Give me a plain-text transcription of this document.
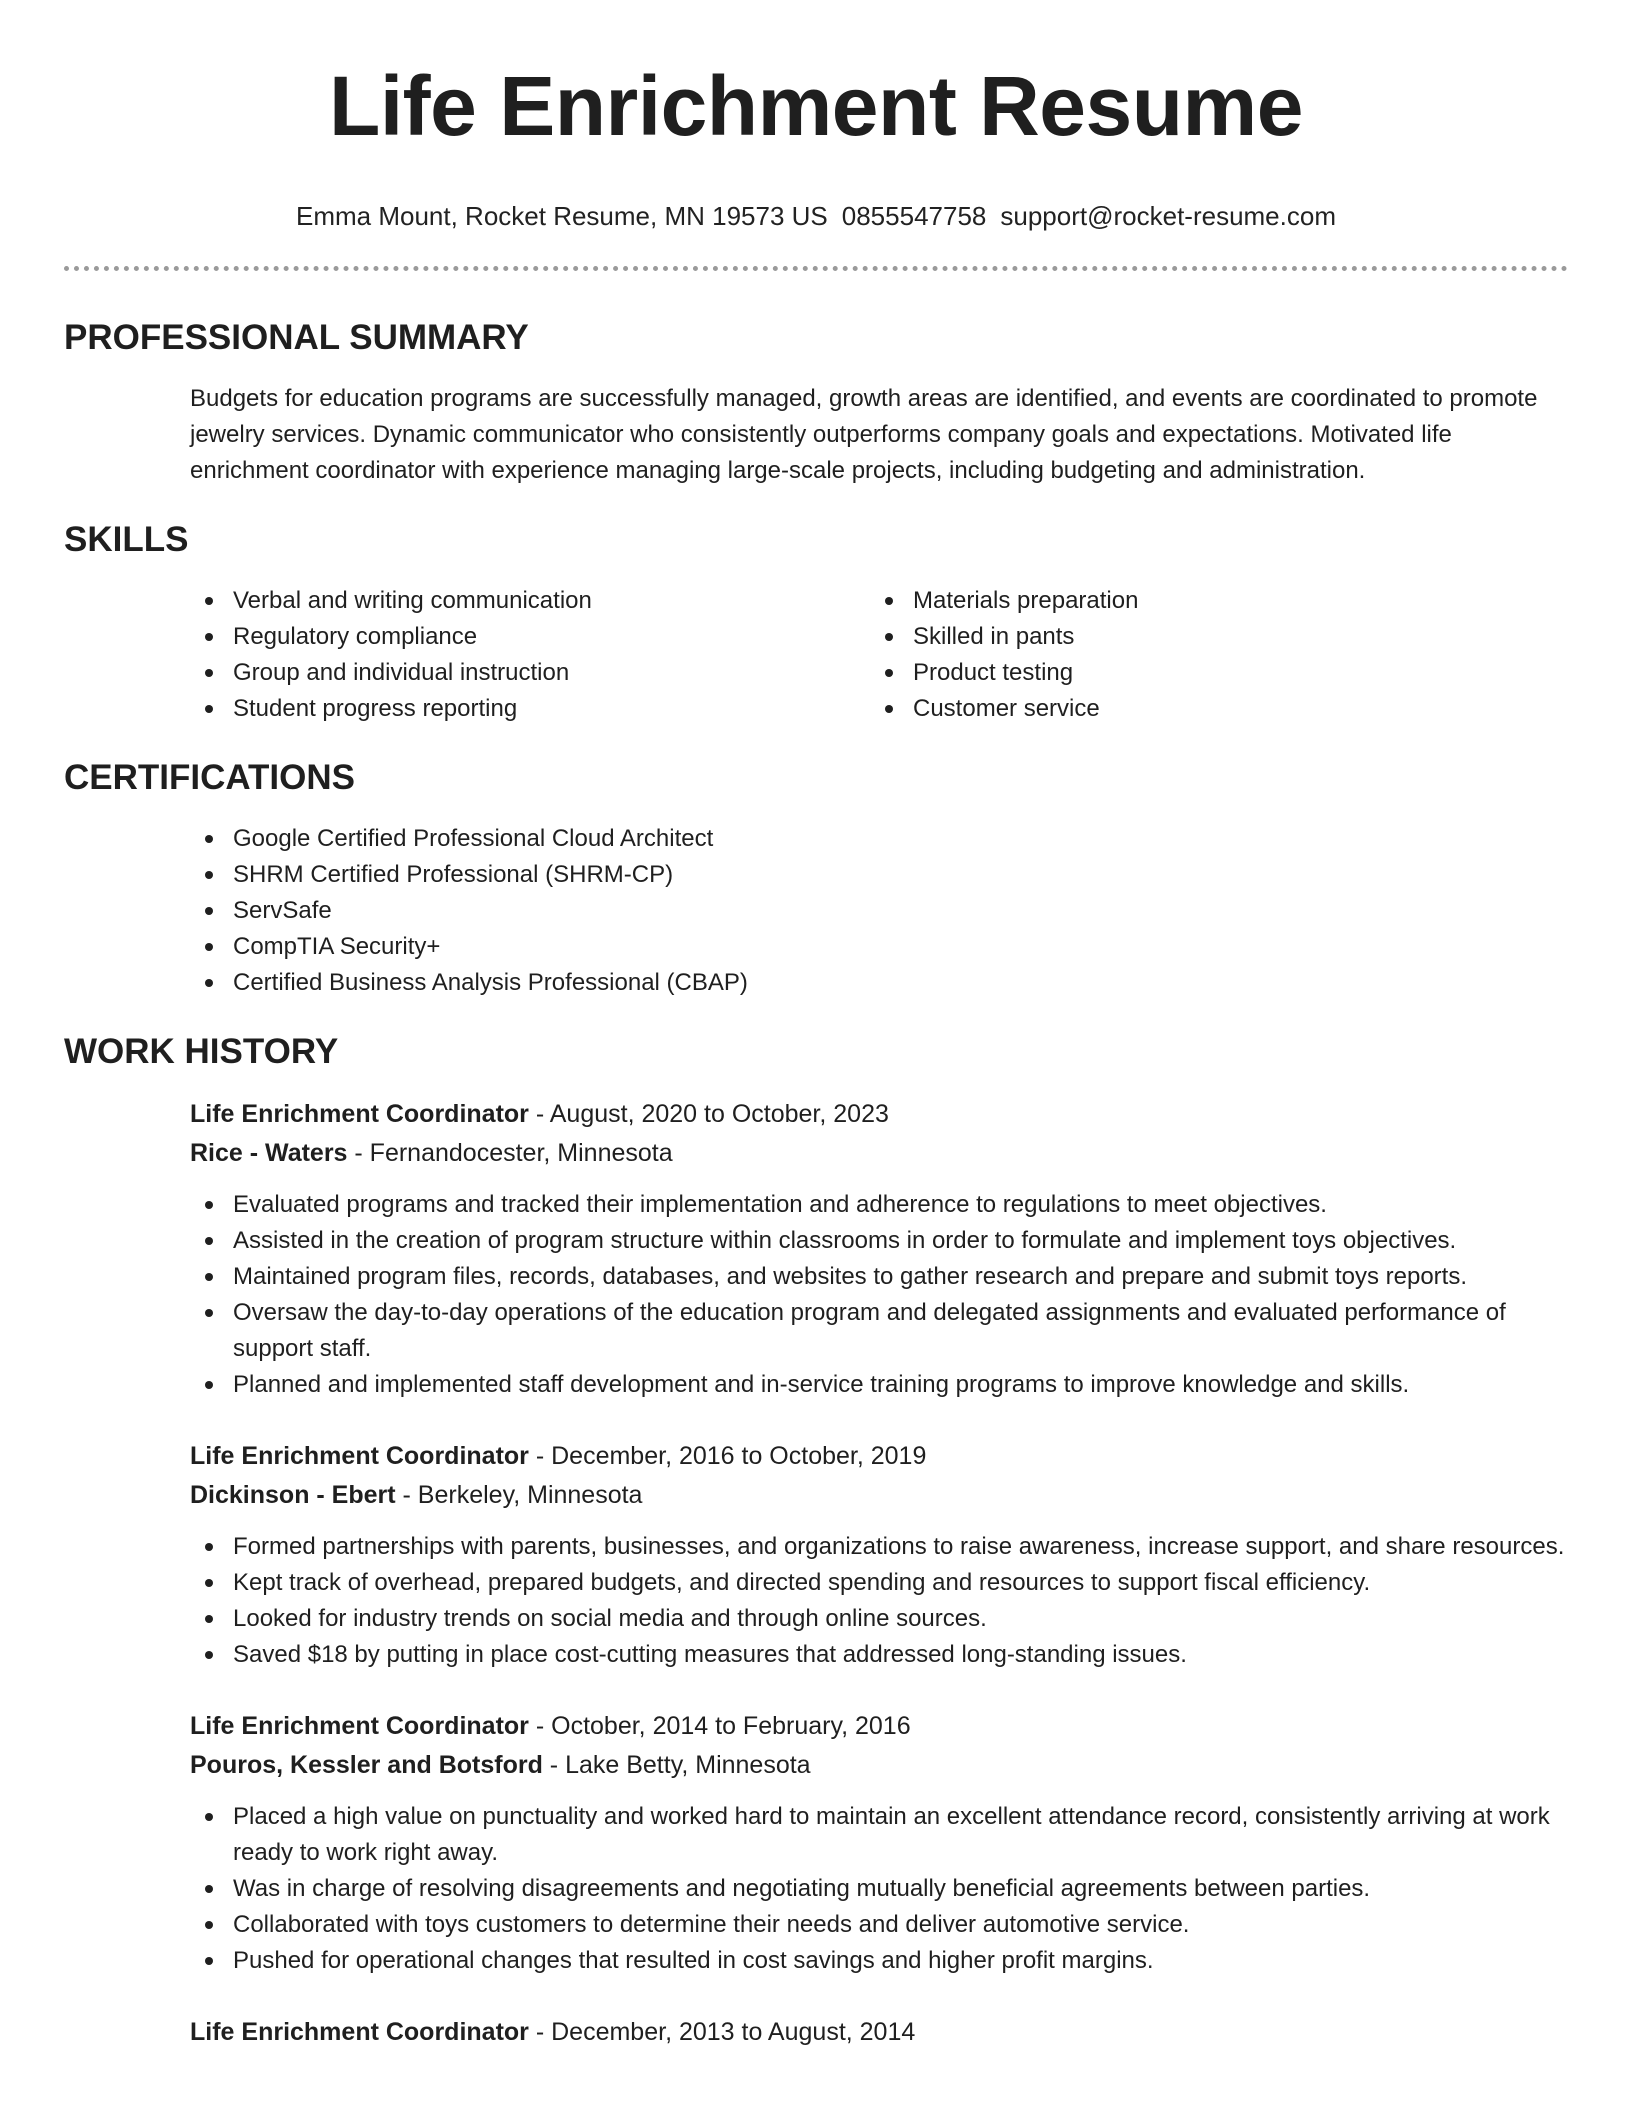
Life Enrichment Resume
Emma Mount, Rocket Resume, MN 19573 US 0855547758 support@rocket-resume.com
PROFESSIONAL SUMMARY

Budgets for education programs are successfully managed, growth areas are identified, and events are coordinated to promote jewelry services. Dynamic communicator who consistently outperforms company goals and expectations. Motivated life enrichment coordinator with experience managing large-scale projects, including budgeting and administration.

SKILLS
Verbal and writing communication
Regulatory compliance
Group and individual instruction
Student progress reporting
Materials preparation
Skilled in pants
Product testing
Customer service
CERTIFICATIONS
Google Certified Professional Cloud Architect
SHRM Certified Professional (SHRM-CP)
ServSafe
CompTIA Security+
Certified Business Analysis Professional (CBAP)
WORK HISTORY
Life Enrichment Coordinator - August, 2020 to October, 2023
Rice - Waters - Fernandocester, Minnesota
Evaluated programs and tracked their implementation and adherence to regulations to meet objectives.
Assisted in the creation of program structure within classrooms in order to formulate and implement toys objectives.
Maintained program files, records, databases, and websites to gather research and prepare and submit toys reports.
Oversaw the day-to-day operations of the education program and delegated assignments and evaluated performance of support staff.
Planned and implemented staff development and in-service training programs to improve knowledge and skills.
Life Enrichment Coordinator - December, 2016 to October, 2019
Dickinson - Ebert - Berkeley, Minnesota
Formed partnerships with parents, businesses, and organizations to raise awareness, increase support, and share resources.
Kept track of overhead, prepared budgets, and directed spending and resources to support fiscal efficiency.
Looked for industry trends on social media and through online sources.
Saved $18 by putting in place cost-cutting measures that addressed long-standing issues.
Life Enrichment Coordinator - October, 2014 to February, 2016
Pouros, Kessler and Botsford - Lake Betty, Minnesota
Placed a high value on punctuality and worked hard to maintain an excellent attendance record, consistently arriving at work ready to work right away.
Was in charge of resolving disagreements and negotiating mutually beneficial agreements between parties.
Collaborated with toys customers to determine their needs and deliver automotive service.
Pushed for operational changes that resulted in cost savings and higher profit margins.
Life Enrichment Coordinator - December, 2013 to August, 2014
